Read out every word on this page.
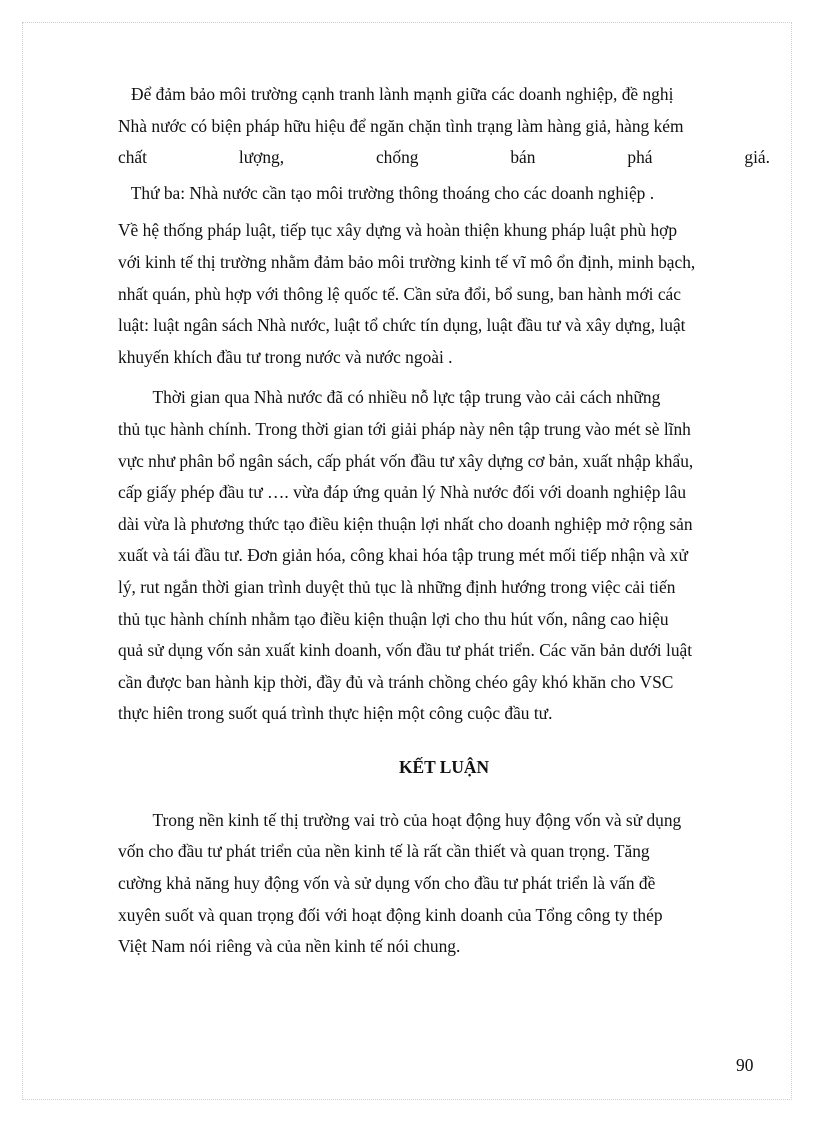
Để đảm bảo môi trường cạnh tranh lành mạnh giữa các doanh nghiệp, đề nghị
Nhà nước có biện pháp hữu hiệu để ngăn chặn tình trạng làm hàng giả, hàng kém
chất	lượng,	chống	bán	phá	giá.
Thứ ba: Nhà nước cần tạo môi trường thông thoáng cho các doanh nghiệp .
Về hệ thống pháp luật, tiếp tục xây dựng và hoàn thiện khung pháp luật phù hợp
với kinh tế thị trường nhằm đảm bảo môi trường kinh tế vĩ mô ổn định, minh bạch,
nhất quán, phù hợp với thông lệ quốc tế. Cần sửa đổi, bổ sung, ban hành mới các
luật: luật ngân sách Nhà nước, luật tổ chức tín dụng, luật đầu tư và xây dựng, luật
khuyến khích đầu tư trong nước và nước ngoài .
Thời gian qua Nhà nước đã có nhiều nỗ lực tập trung vào cải cách những
thủ tục hành chính. Trong thời gian tới giải pháp này nên tập trung vào mét sè lĩnh
vực như phân bổ ngân sách, cấp phát vốn đầu tư xây dựng cơ bản, xuất nhập khẩu,
cấp giấy phép đầu tư …. vừa đáp ứng quản lý Nhà nước đối với doanh nghiệp lâu
dài vừa là phương thức tạo điều kiện thuận lợi nhất cho doanh nghiệp mở rộng sản
xuất và tái đầu tư. Đơn giản hóa, công khai hóa tập trung mét mối tiếp nhận và xử
lý, rut ngắn thời gian trình duyệt thủ tục là những định hướng trong việc cải tiến
thủ tục hành chính nhằm tạo điều kiện thuận lợi cho thu hút vốn, nâng cao hiệu
quả sử dụng vốn sản xuất kinh doanh, vốn đầu tư phát triển. Các văn bản dưới luật
cần được ban hành kịp thời, đầy đủ và tránh chồng chéo gây khó khăn cho VSC
thực hiên trong suốt quá trình thực hiện một công cuộc đầu tư.
KẾT LUẬN
Trong nền kinh tế thị trường vai trò của hoạt động huy động vốn và sử dụng
vốn cho đầu tư phát triển của nền kinh tế là rất cần thiết và quan trọng. Tăng
cường khả năng huy động vốn và sử dụng vốn cho đầu tư phát triển là vấn đề
xuyên suốt và quan trọng đối với hoạt động kinh doanh của Tổng công ty thép
Việt Nam nói riêng và của nền kinh tế nói chung.
90
